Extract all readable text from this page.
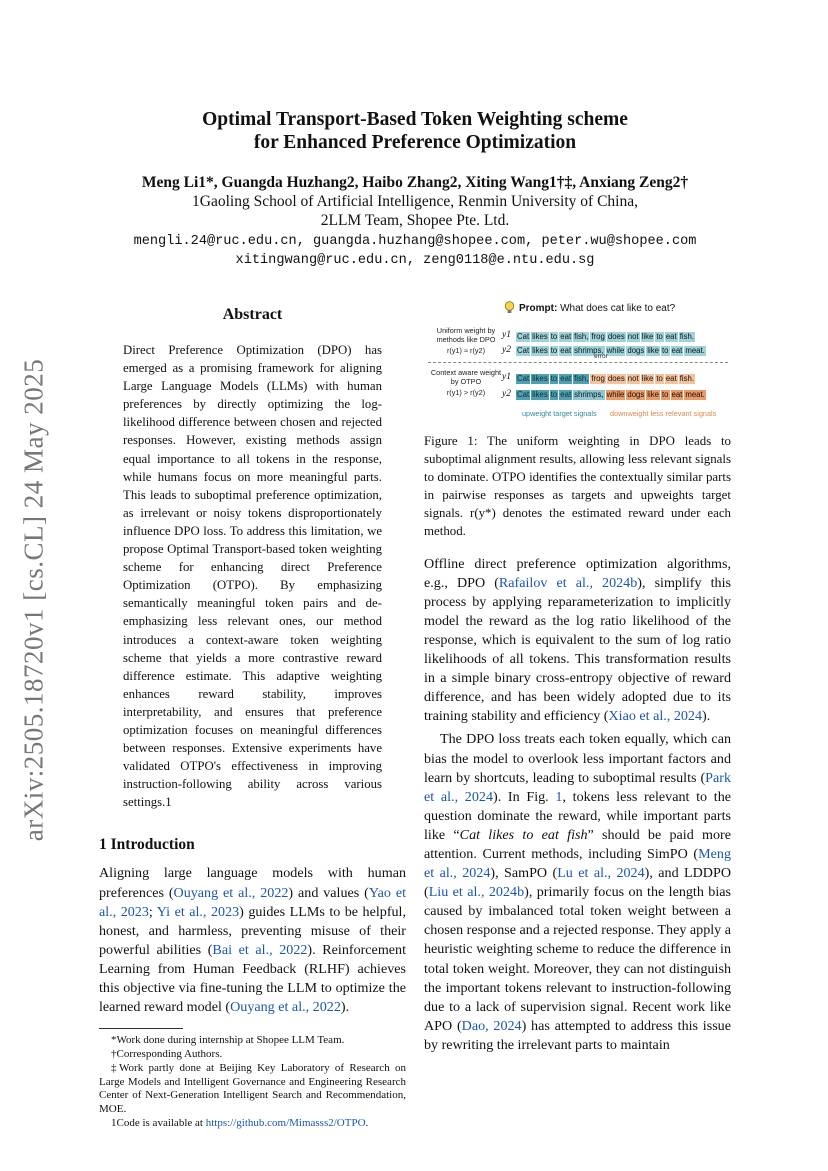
arXiv:2505.18720v1 [cs.CL] 24 May 2025
Optimal Transport-Based Token Weighting scheme
for Enhanced Preference Optimization
Meng Li1*, Guangda Huzhang2, Haibo Zhang2, Xiting Wang1†‡, Anxiang Zeng2†
1Gaoling School of Artificial Intelligence, Renmin University of China,
2LLM Team, Shopee Pte. Ltd.
mengli.24@ruc.edu.cn, guangda.huzhang@shopee.com, peter.wu@shopee.com
xitingwang@ruc.edu.cn, zeng0118@e.ntu.edu.sg
Abstract

Direct Preference Optimization (DPO) has emerged as a promising framework for aligning Large Language Models (LLMs) with human preferences by directly optimizing the log-likelihood difference between chosen and rejected responses. However, existing methods assign equal importance to all tokens in the response, while humans focus on more meaningful parts. This leads to suboptimal preference optimization, as irrelevant or noisy tokens disproportionately influence DPO loss. To address this limitation, we propose Optimal Transport-based token weighting scheme for enhancing direct Preference Optimization (OTPO). By emphasizing semantically meaningful token pairs and de-emphasizing less relevant ones, our method introduces a context-aware token weighting scheme that yields a more contrastive reward difference estimate. This adaptive weighting enhances reward stability, improves interpretability, and ensures that preference optimization focuses on meaningful differences between responses. Extensive experiments have validated OTPO's effectiveness in improving instruction-following ability across various settings.1

1 Introduction

Aligning large language models with human preferences (Ouyang et al., 2022) and values (Yao et al., 2023; Yi et al., 2023) guides LLMs to be helpful, honest, and harmless, preventing misuse of their powerful abilities (Bai et al., 2022). Reinforcement Learning from Human Feedback (RLHF) achieves this objective via fine-tuning the LLM to optimize the learned reward model (Ouyang et al., 2022).

*Work done during internship at Shopee LLM Team.

†Corresponding Authors.

‡Work partly done at Beijing Key Laboratory of Research on Large Models and Intelligent Governance and Engineering Research Center of Next-Generation Intelligent Search and Recommendation, MOE.

1Code is available at https://github.com/Mimasss2/OTPO.

Prompt: What does cat like to eat?
Uniform weight by methods like DPO
r(y1) ≈ r(y2)
y1
y2
Cat likes to eat fish, frog does not like to eat fish.
Cat likes to eat shrimps, while dogs like to eat meat.
error
Context aware weight by OTPO
r(y1) > r(y2)
y1
y2
Cat likes to eat fish, frog does not like to eat fish.
Cat likes to eat shrimps, while dogs like to eat meat.
upweight target signals downweight less relevant signals

Figure 1: The uniform weighting in DPO leads to suboptimal alignment results, allowing less relevant signals to dominate. OTPO identifies the contextually similar parts in pairwise responses as targets and upweights target signals. r(y*) denotes the estimated reward under each method.

Offline direct preference optimization algorithms, e.g., DPO (Rafailov et al., 2024b), simplify this process by applying reparameterization to implicitly model the reward as the log ratio likelihood of the response, which is equivalent to the sum of log ratio likelihoods of all tokens. This transformation results in a simple binary cross-entropy objective of reward difference, and has been widely adopted due to its training stability and efficiency (Xiao et al., 2024).

The DPO loss treats each token equally, which can bias the model to overlook less important factors and learn by shortcuts, leading to suboptimal results (Park et al., 2024). In Fig. 1, tokens less relevant to the question dominate the reward, while important parts like “Cat likes to eat fish” should be paid more attention. Current methods, including SimPO (Meng et al., 2024), SamPO (Lu et al., 2024), and LDDPO (Liu et al., 2024b), primarily focus on the length bias caused by imbalanced total token weight between a chosen response and a rejected response. They apply a heuristic weighting scheme to reduce the difference in total token weight. Moreover, they can not distinguish the important tokens relevant to instruction-following due to a lack of supervision signal. Recent work like APO (Dao, 2024) has attempted to address this issue by rewriting the irrelevant parts to maintain
